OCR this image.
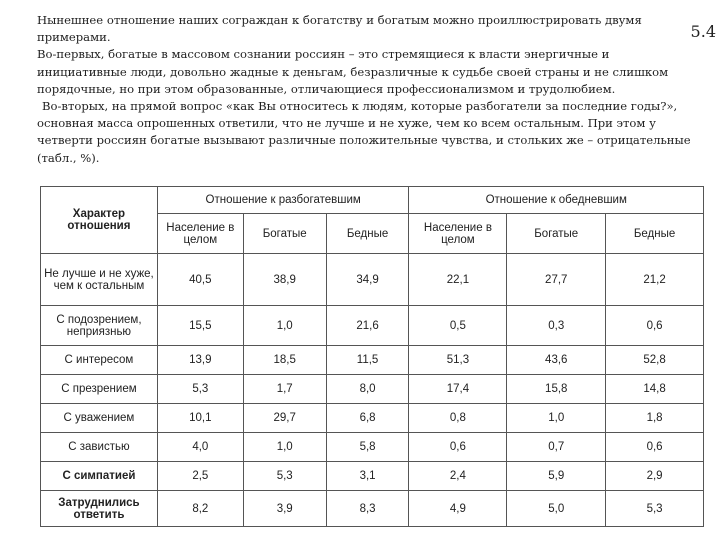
Нынешнее отношение наших сограждан к богатству и богатым можно проиллюстрировать двумя примерами.

Во-первых, богатые в массовом сознании россиян – это стремящиеся к власти энергичные и инициативные люди, довольно жадные к деньгам, безразличные к судьбе своей страны и не слишком порядочные, но при этом образованные, отличающиеся профессионализмом и трудолюбием.

Во-вторых, на прямой вопрос «как Вы относитесь к людям, которые разбогатели за последние годы?», основная масса опрошенных ответили, что не лучше и не хуже, чем ко всем остальным. При этом у четверти россиян богатые вызывают различные положительные чувства, и стольких же – отрицательные (табл., %).

5.4
Характер отношения	Отношение к разбогатевшим			Отношение к обедневшим		
	Население в целом	Богатые	Бедные	Население в целом	Богатые	Бедные
Не лучше и не хуже, чем к остальным	40,5	38,9	34,9	22,1	27,7	21,2
С подозрением, неприязнью	15,5	1,0	21,6	0,5	0,3	0,6
С интересом	13,9	18,5	11,5	51,3	43,6	52,8
С презрением	5,3	1,7	8,0	17,4	15,8	14,8
С уважением	10,1	29,7	6,8	0,8	1,0	1,8
С завистью	4,0	1,0	5,8	0,6	0,7	0,6
С симпатией	2,5	5,3	3,1	2,4	5,9	2,9
Затруднились ответить	8,2	3,9	8,3	4,9	5,0	5,3
